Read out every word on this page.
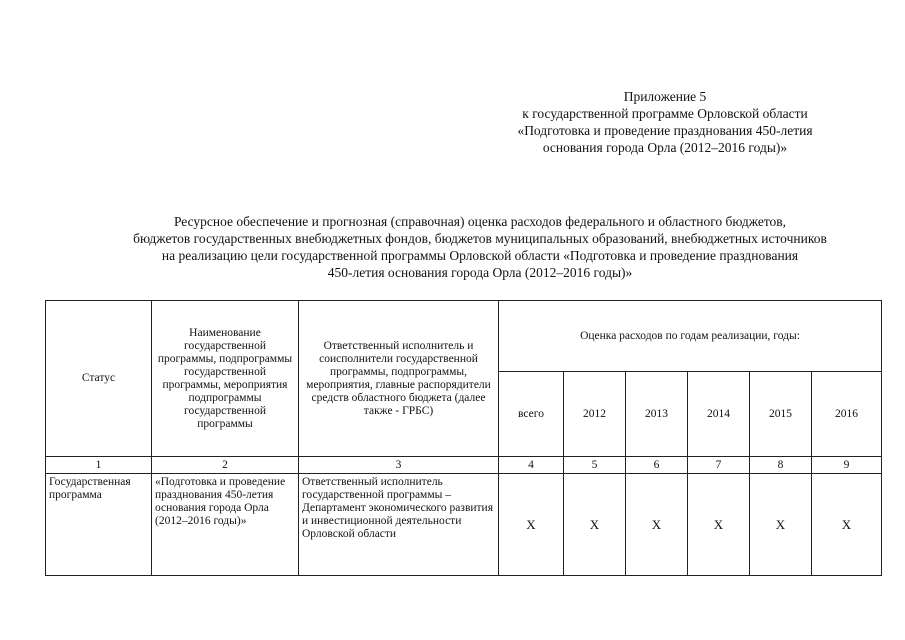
Приложение 5
к государственной программе Орловской области
«Подготовка и проведение празднования 450-летия
основания города Орла (2012–2016 годы)»
Ресурсное обеспечение и прогнозная (справочная) оценка расходов федерального и областного бюджетов,
бюджетов государственных внебюджетных фондов, бюджетов муниципальных образований, внебюджетных источников
на реализацию цели государственной программы Орловской области «Подготовка и проведение празднования
450-летия основания города Орла (2012–2016 годы)»
Статус	Наименование государственной программы, подпрограммы государственной программы, мероприятия подпрограммы государственной программы	Ответственный исполнитель и соисполнители государственной программы, подпрограммы, мероприятия, главные распорядители средств областного бюджета (далее также - ГРБС)	Оценка расходов по годам реализации, годы:					
			всего	2012	2013	2014	2015	2016
1	2	3	4	5	6	7	8	9
Государственная программа	«Подготовка и проведение празднования 450-летия основания города Орла (2012–2016 годы)»	Ответственный исполнитель государственной программы – Департамент экономического развития и инвестиционной деятельности Орловской области	Х	Х	Х	Х	Х	Х
